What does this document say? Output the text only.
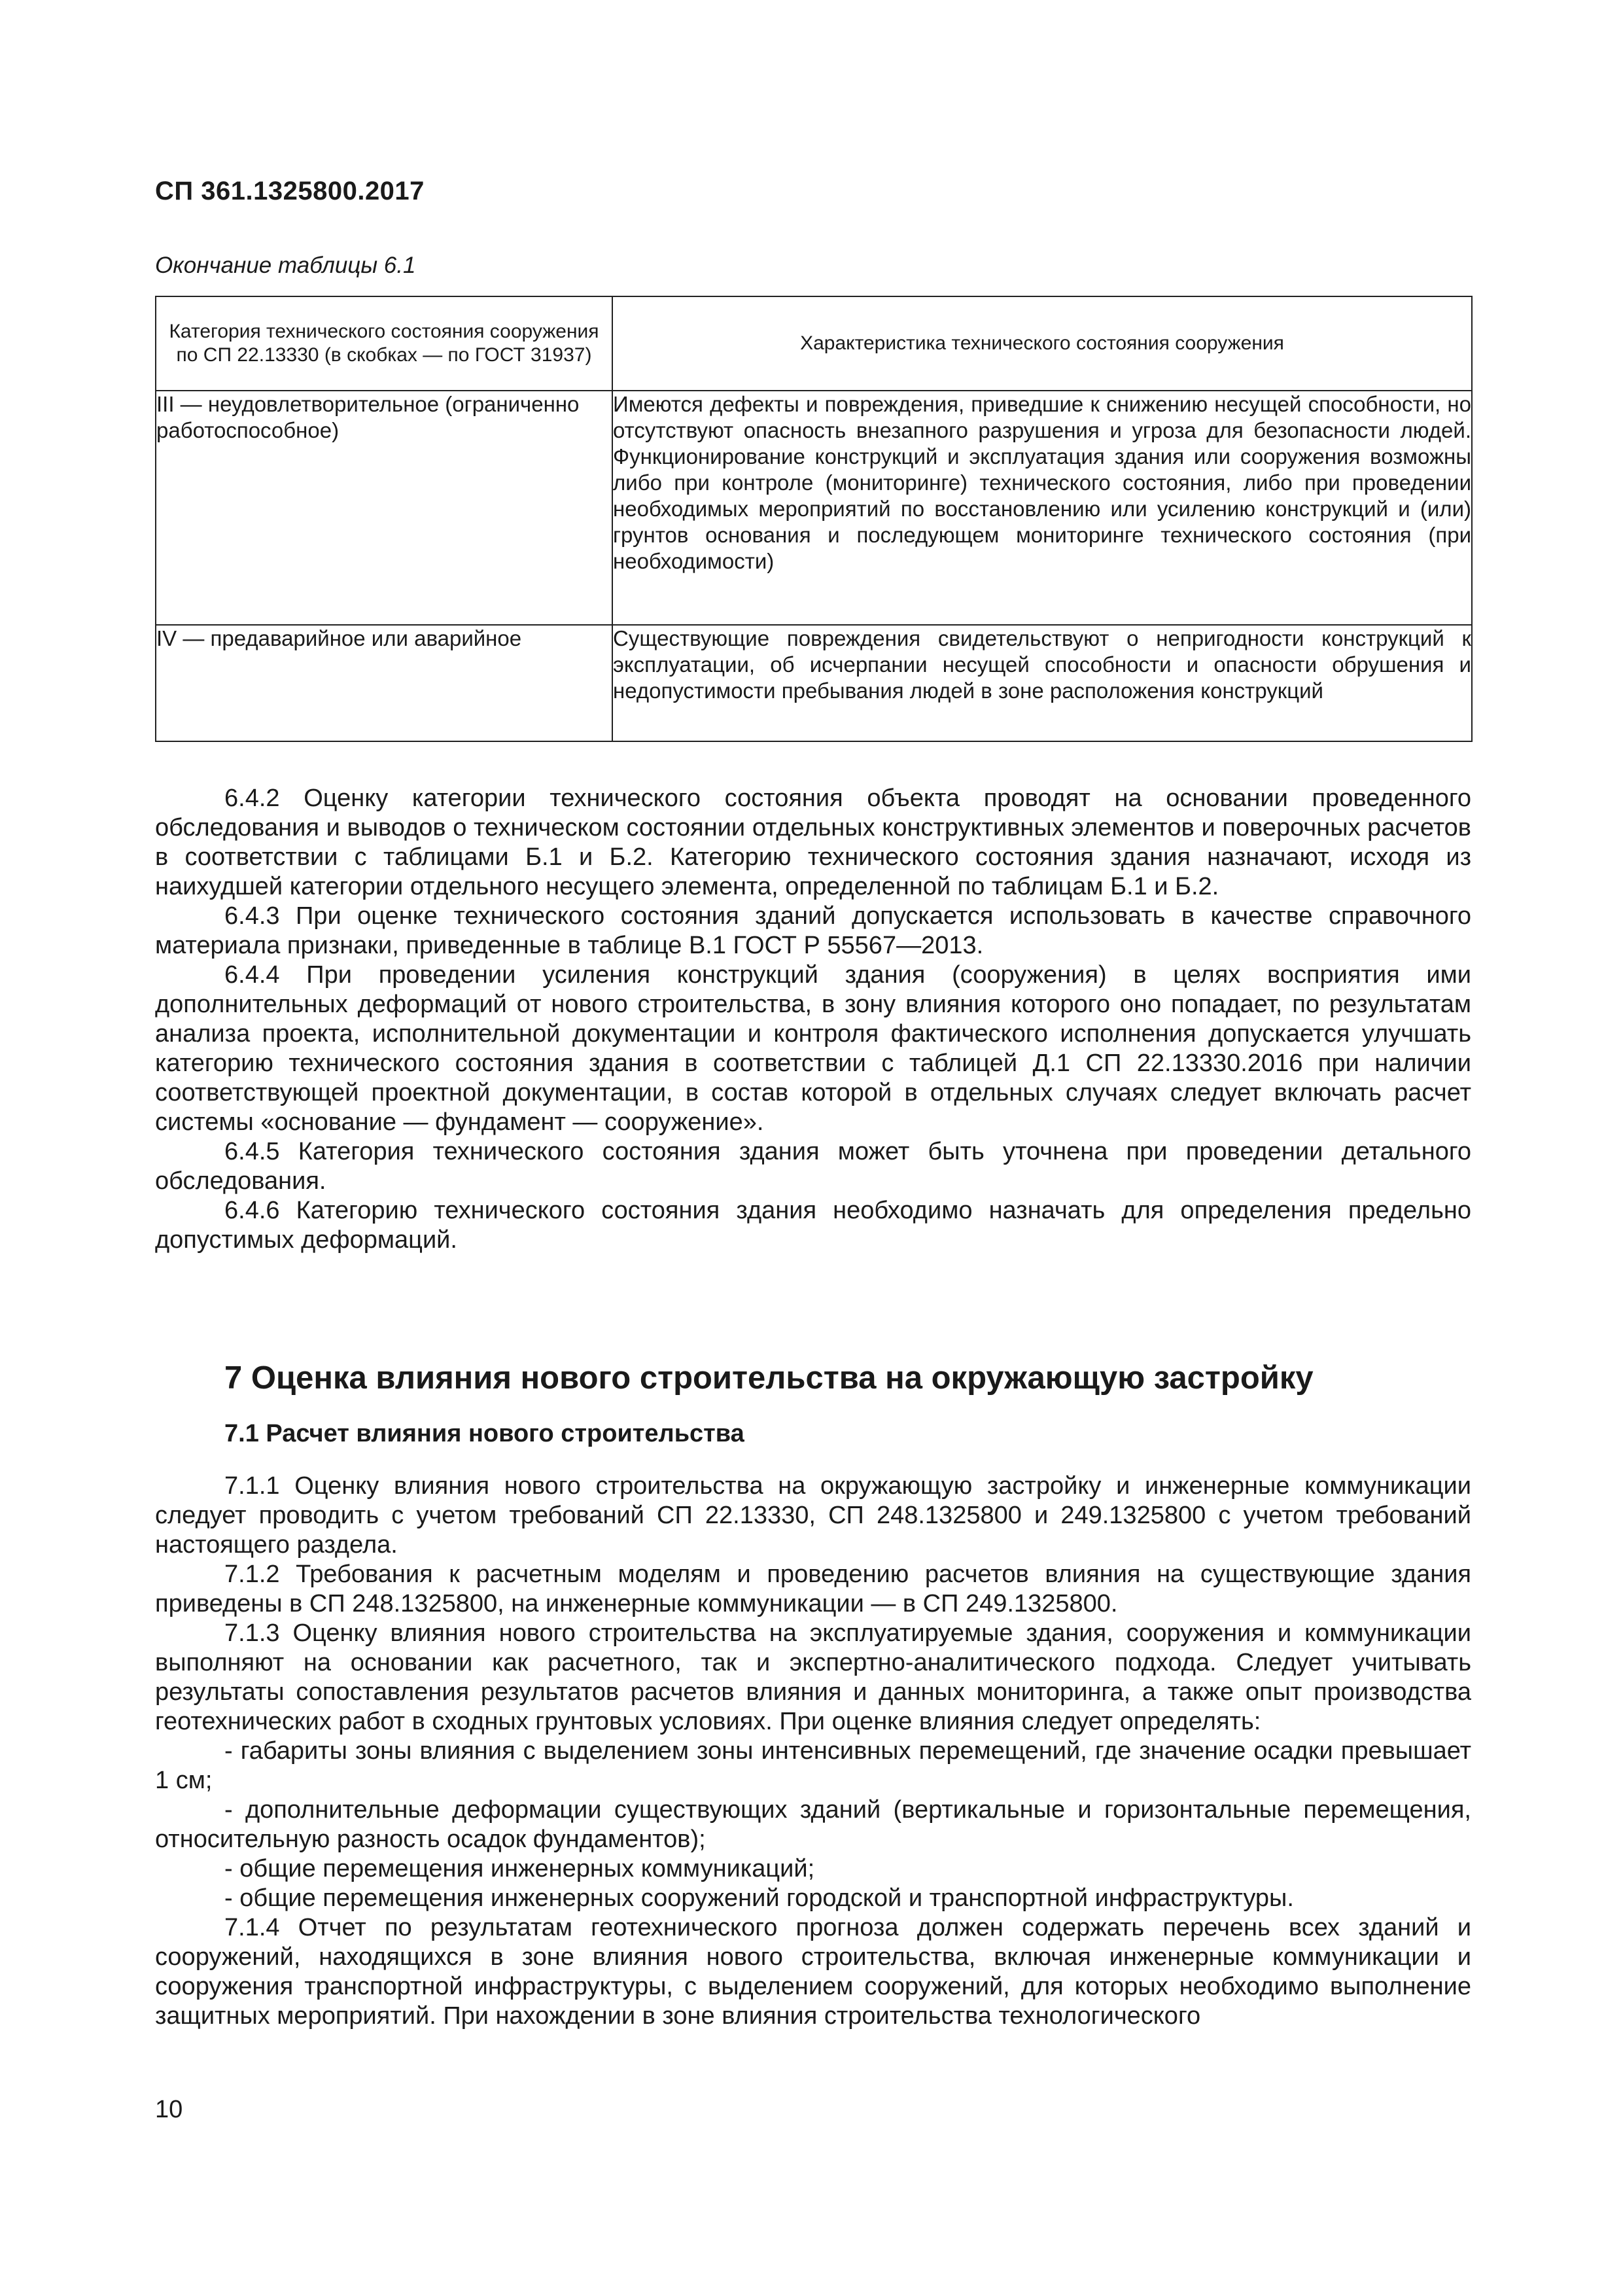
СП 361.1325800.2017
Окончание таблицы 6.1
Категория технического состояния сооружения по СП 22.13330 (в скобках — по ГОСТ 31937)	Характеристика технического состояния сооружения
III — неудовлетворительное (ограниченно работоспособное)	Имеются дефекты и повреждения, приведшие к снижению несущей способности, но отсутствуют опасность внезапного разрушения и угроза для безопасности людей. Функционирование конструкций и эксплуатация здания или сооружения возможны либо при контроле (мониторинге) технического состояния, либо при проведении необходимых мероприятий по восстановлению или усилению конструкций и (или) грунтов основания и последующем мониторинге технического состояния (при необходимости)
IV — предаварийное или аварийное	Существующие повреждения свидетельствуют о непригодности конструкций к эксплуатации, об исчерпании несущей способности и опасности обрушения и недопустимости пребывания людей в зоне расположения конструкций

6.4.2 Оценку категории технического состояния объекта проводят на основании проведенного обследования и выводов о техническом состоянии отдельных конструктивных элементов и поверочных расчетов в соответствии с таблицами Б.1 и Б.2. Категорию технического состояния здания назначают, исходя из наихудшей категории отдельного несущего элемента, определенной по таблицам Б.1 и Б.2.

6.4.3 При оценке технического состояния зданий допускается использовать в качестве справочного материала признаки, приведенные в таблице В.1 ГОСТ Р 55567—2013.

6.4.4 При проведении усиления конструкций здания (сооружения) в целях восприятия ими дополнительных деформаций от нового строительства, в зону влияния которого оно попадает, по результатам анализа проекта, исполнительной документации и контроля фактического исполнения допускается улучшать категорию технического состояния здания в соответствии с таблицей Д.1 СП 22.13330.2016 при наличии соответствующей проектной документации, в состав которой в отдельных случаях следует включать расчет системы «основание — фундамент — сооружение».

6.4.5 Категория технического состояния здания может быть уточнена при проведении детального обследования.

6.4.6 Категорию технического состояния здания необходимо назначать для определения предельно допустимых деформаций.

7 Оценка влияния нового строительства на окружающую застройку
7.1 Расчет влияния нового строительства

7.1.1 Оценку влияния нового строительства на окружающую застройку и инженерные коммуникации следует проводить с учетом требований СП 22.13330, СП 248.1325800 и 249.1325800 с учетом требований настоящего раздела.

7.1.2 Требования к расчетным моделям и проведению расчетов влияния на существующие здания приведены в СП 248.1325800, на инженерные коммуникации — в СП 249.1325800.

7.1.3 Оценку влияния нового строительства на эксплуатируемые здания, сооружения и коммуникации выполняют на основании как расчетного, так и экспертно-аналитического подхода. Следует учитывать результаты сопоставления результатов расчетов влияния и данных мониторинга, а также опыт производства геотехнических работ в сходных грунтовых условиях. При оценке влияния следует определять:

- габариты зоны влияния с выделением зоны интенсивных перемещений, где значение осадки превышает 1 см;

- дополнительные деформации существующих зданий (вертикальные и горизонтальные перемещения, относительную разность осадок фундаментов);

- общие перемещения инженерных коммуникаций;

- общие перемещения инженерных сооружений городской и транспортной инфраструктуры.

7.1.4 Отчет по результатам геотехнического прогноза должен содержать перечень всех зданий и сооружений, находящихся в зоне влияния нового строительства, включая инженерные коммуникации и сооружения транспортной инфраструктуры, с выделением сооружений, для которых необходимо выполнение защитных мероприятий. При нахождении в зоне влияния строительства технологического

10
